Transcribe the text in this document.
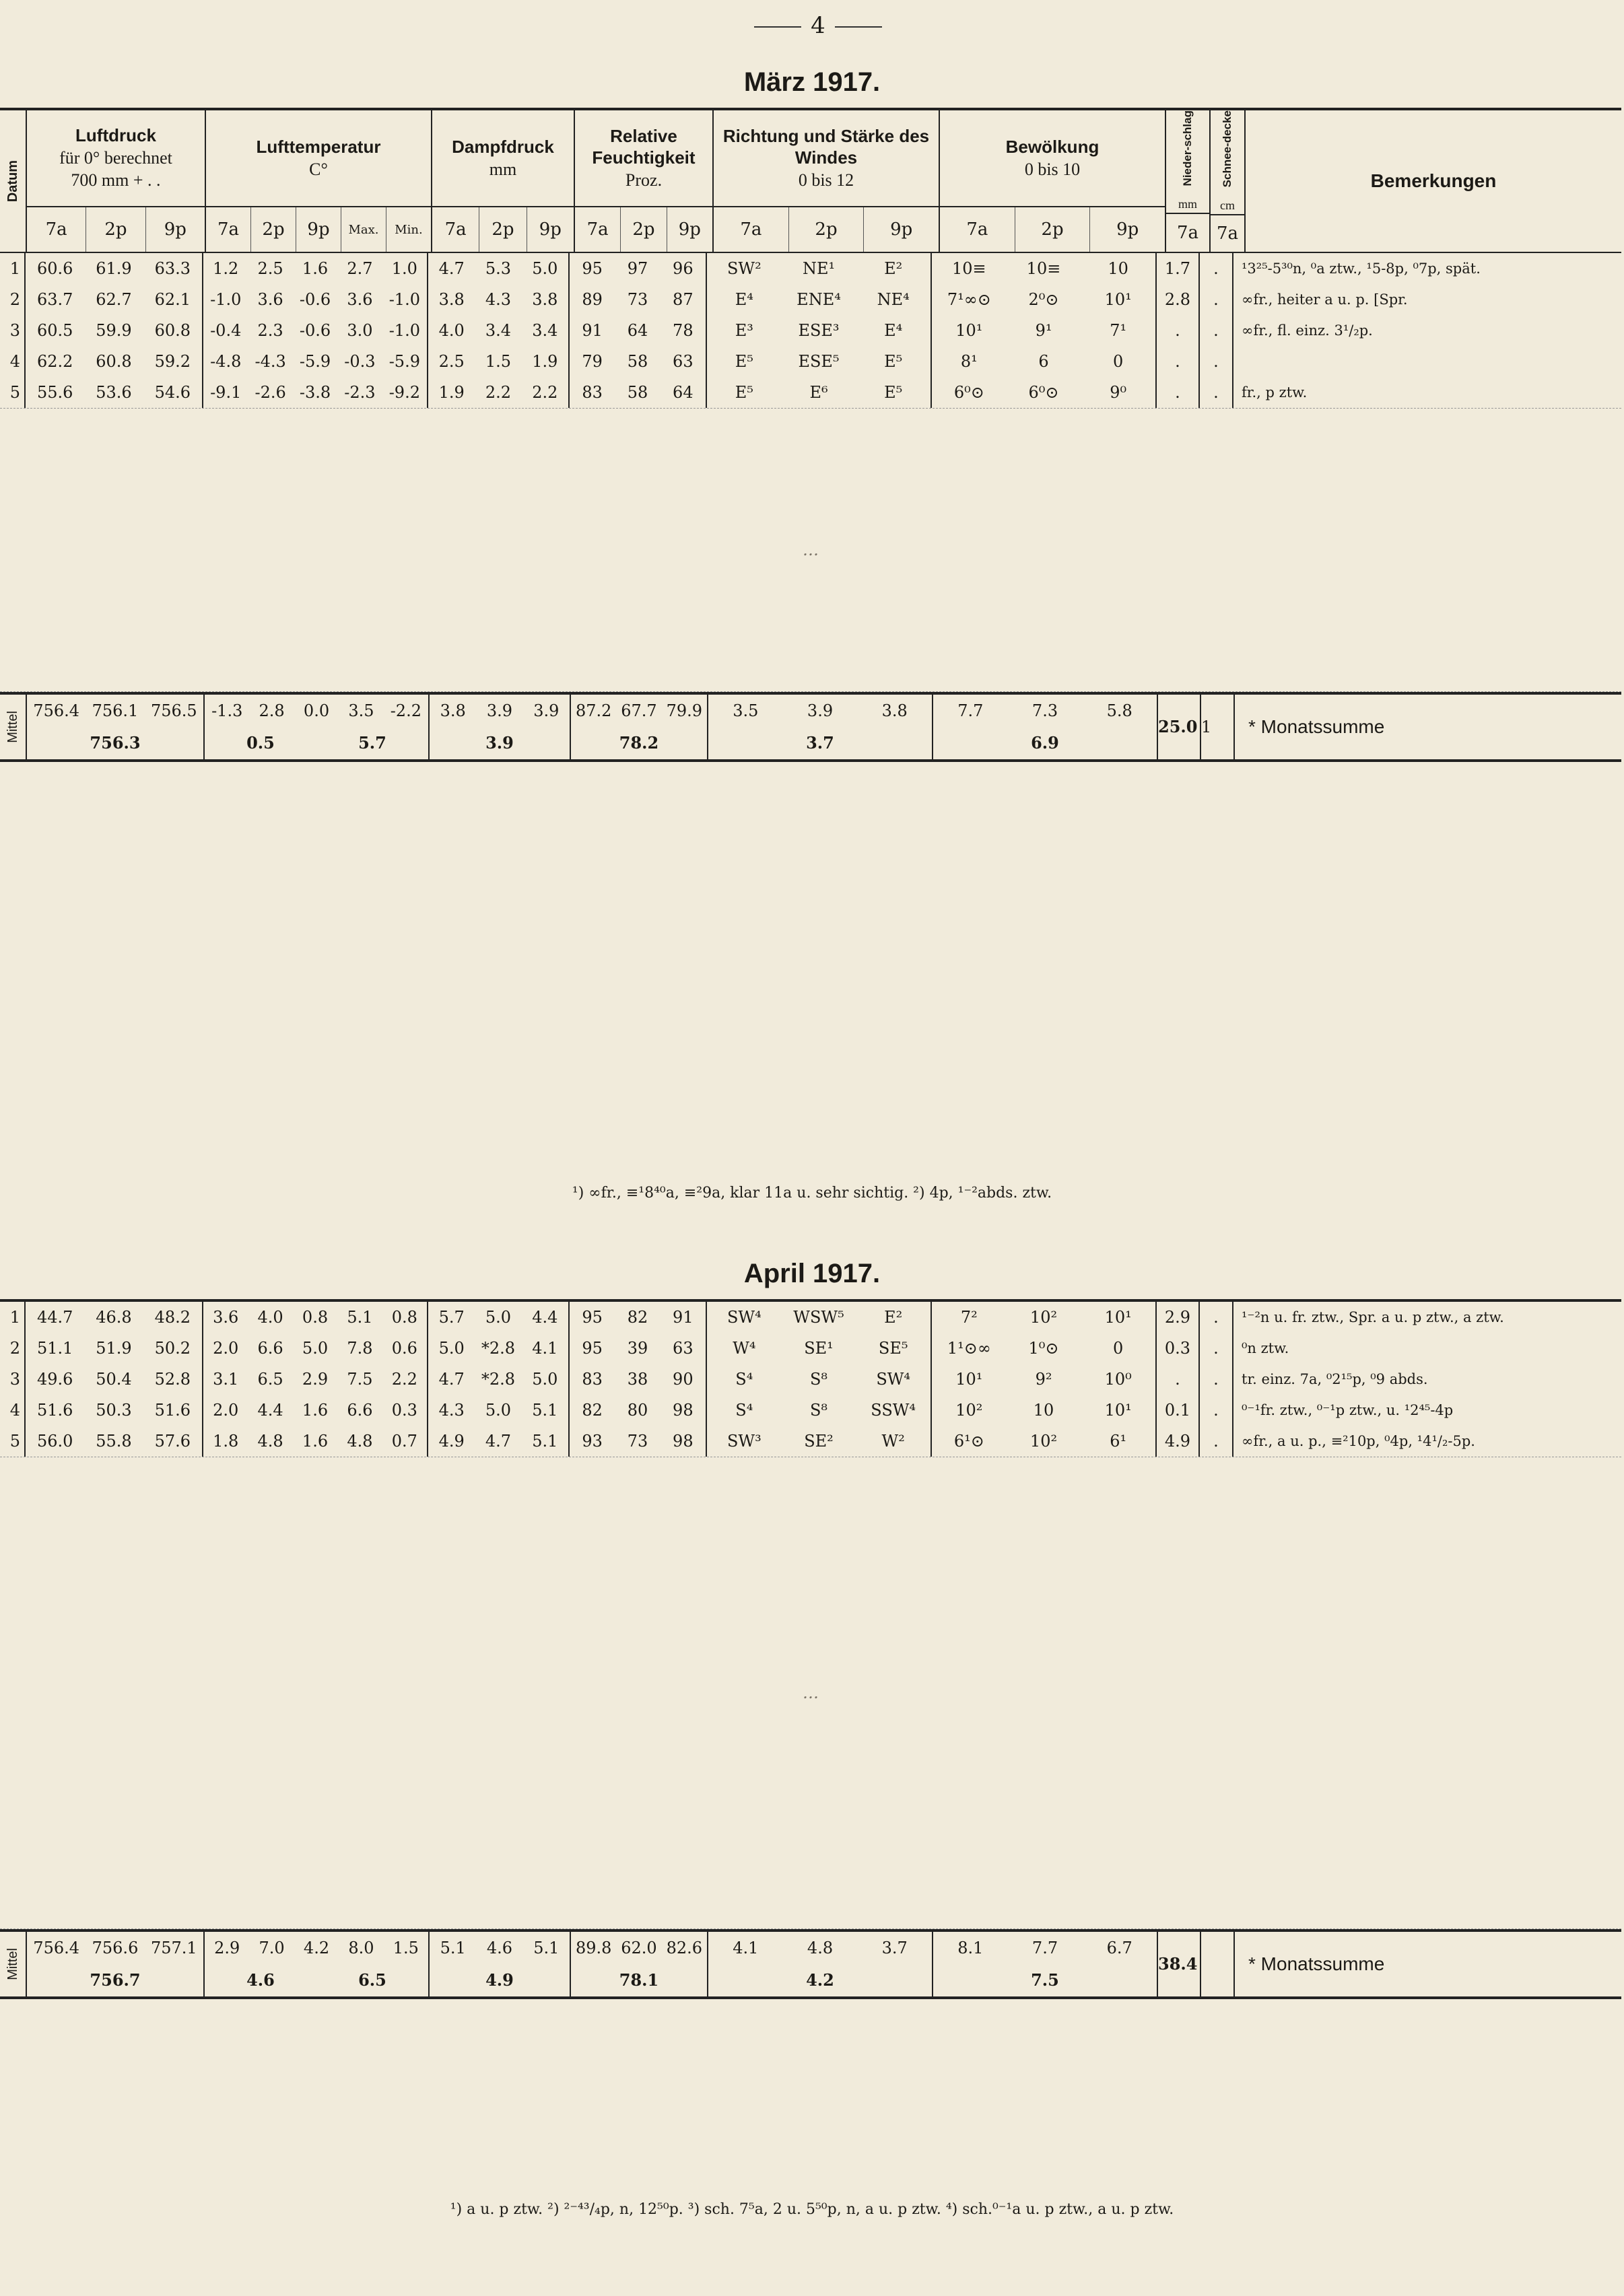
4
März 1917.
Datum
Luftdruck
für 0° berechnet
700 mm + . .
7a	2p	9p
Lufttemperatur
C°
7a	2p	9p	Max.	Min.
Dampfdruck
mm
7a	2p	9p
Relative Feuchtigkeit
Proz.
7a	2p	9p
Richtung und Stärke des Windes
0 bis 12
7a	2p	9p
Bewölkung
0 bis 10
7a	2p	9p
Nieder-schlag
mm
7a
Schnee-decke
cm
7a
Bemerkungen
1	60.6	61.9	63.3	1.2	2.5	1.6	2.7	1.0	4.7	5.3	5.0	95	97	96	SW²	NE¹	E²	10≡	10≡	10	1.7	.	¹3²⁵-5³⁰n, ⁰a ztw., ¹5-8p, ⁰7p, spät.
2	63.7	62.7	62.1	-1.0	3.6	-0.6	3.6	-1.0	3.8	4.3	3.8	89	73	87	E⁴	ENE⁴	NE⁴	7¹∞⊙	2⁰⊙	10¹	2.8	.	∞fr., heiter a u. p. [Spr.
3	60.5	59.9	60.8	-0.4	2.3	-0.6	3.0	-1.0	4.0	3.4	3.4	91	64	78	E³	ESE³	E⁴	10¹	9¹	7¹	.	.	∞fr., fl. einz. 3¹/₂p.
4	62.2	60.8	59.2	-4.8 -4.3 -5.9 -0.3 -5.9	2.5	1.5	1.9	79	58	63	E⁵	ESE⁵	E⁵	8¹	6	0	.	.
5	55.6	53.6	54.6	-9.1 -2.6 -3.8 -2.3 -9.2	1.9	2.2	2.2	83	58	64	E⁵	E⁶	E⁵	6⁰⊙	6⁰⊙	9⁰	.	.	fr., p ztw.
…
Mittel
756.4 756.1 756.5
756.3
-1.3	2.8	0.0	3.5	-2.2
0.5	5.7
3.8	3.9	3.9
3.9
87.2 67.7 79.9
78.2
3.5	3.9	3.8
3.7
7.7	7.3	5.8
6.9
25.0 1	* Monatssumme
¹) ∞fr., ≡¹8⁴⁰a, ≡²9a, klar 11a u. sehr sichtig. ²) 4p, ¹⁻²abds. ztw.
April 1917.
1	44.7	46.8	48.2	3.6	4.0	0.8	5.1	0.8	5.7	5.0	4.4	95	82	91	SW⁴	WSW⁵	E²	7²	10²	10¹	2.9	.	¹⁻²n u. fr. ztw., Spr. a u. p ztw., a ztw.
2	51.1	51.9	50.2	2.0	6.6	5.0	7.8	0.6	5.0	*2.8	4.1	95	39	63	W⁴	SE¹	SE⁵	1¹⊙∞	1⁰⊙	0	0.3	.	⁰n ztw.
3	49.6	50.4	52.8	3.1	6.5	2.9	7.5	2.2	4.7	*2.8	5.0	83	38	90	S⁴	S⁸	SW⁴	10¹	9²	10⁰	.	.	tr. einz. 7a, ⁰2¹⁵p, ⁰9 abds.
4	51.6	50.3	51.6	2.0	4.4	1.6	6.6	0.3	4.3	5.0	5.1	82	80	98	S⁴	S⁸	SSW⁴	10²	10	10¹	0.1	.	⁰⁻¹fr. ztw., ⁰⁻¹p ztw., u. ¹2⁴⁵-4p
5	56.0	55.8	57.6	1.8	4.8	1.6	4.8	0.7	4.9	4.7	5.1	93	73	98	SW³	SE²	W²	6¹⊙	10²	6¹	4.9	.	∞fr., a u. p., ≡²10p, ⁰4p, ¹4¹/₂-5p.
…
Mittel
756.4 756.6 757.1
756.7
2.9	7.0	4.2	8.0	1.5
4.6	6.5
5.1	4.6	5.1
4.9
89.8 62.0 82.6
78.1
4.1	4.8	3.7
4.2
8.1	7.7	6.7
7.5
38.4	* Monatssumme
¹) a u. p ztw. ²) ²⁻⁴³/₄p, n, 12⁵⁰p. ³) sch. 7⁵a, 2 u. 5⁵⁰p, n, a u. p ztw. ⁴) sch.⁰⁻¹a u. p ztw., a u. p ztw.
